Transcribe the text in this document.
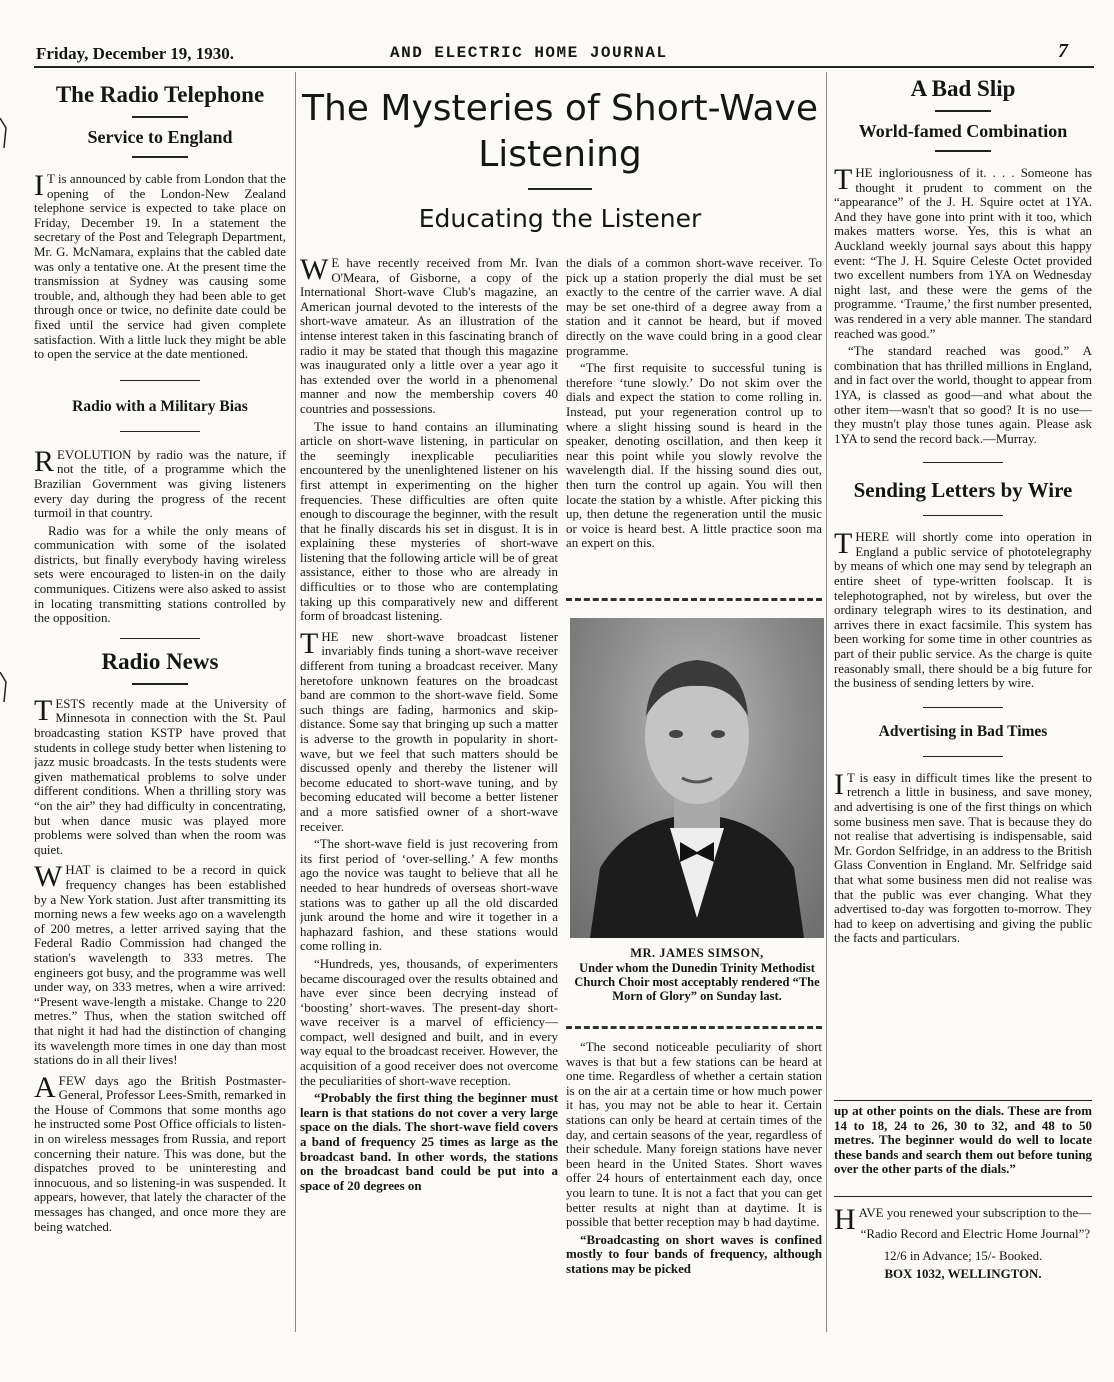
Friday, December 19, 1930.	AND ELECTRIC HOME JOURNAL	7
The Radio Telephone
Service to England

I T is announced by cable from London that the opening of the London-New Zealand telephone service is expected to take place on Friday, December 19. In a statement the secretary of the Post and Telegraph Department, Mr. G. McNamara, explains that the cabled date was only a tentative one. At the present time the transmission at Sydney was causing some trouble, and, although they had been able to get through once or twice, no definite date could be fixed until the service had given complete satisfaction. With a little luck they might be able to open the service at the date mentioned.

Radio with a Military Bias

REVOLUTION by radio was the nature, if not the title, of a programme which the Brazilian Government was giving listeners every day during the progress of the recent turmoil in that country.

Radio was for a while the only means of communication with some of the isolated districts, but finally everybody having wireless sets were encouraged to listen-in on the daily communiques. Citizens were also asked to assist in locating transmitting stations controlled by the opposition.

Radio News

TESTS recently made at the University of Minnesota in connection with the St. Paul broadcasting station KSTP have proved that students in college study better when listening to jazz music broadcasts. In the tests students were given mathematical problems to solve under different conditions. When a thrilling story was “on the air” they had difficulty in concentrating, but when dance music was played more problems were solved than when the room was quiet.

WHAT is claimed to be a record in quick frequency changes has been established by a New York station. Just after transmitting its morning news a few weeks ago on a wavelength of 200 metres, a letter arrived saying that the Federal Radio Commission had changed the station's wavelength to 333 metres. The engineers got busy, and the programme was well under way, on 333 metres, when a wire arrived: “Present wave-length a mistake. Change to 220 metres.” Thus, when the station switched off that night it had had the distinction of changing its wavelength more times in one day than most stations do in all their lives!

AFEW days ago the British Postmaster-General, Professor Lees-Smith, remarked in the House of Commons that some months ago he instructed some Post Office officials to listen-in on wireless messages from Russia, and report concerning their nature. This was done, but the dispatches proved to be uninteresting and innocuous, and so listening-in was suspended. It appears, however, that lately the character of the messages has changed, and once more they are being watched.

The Mysteries of Short-Wave Listening
Educating the Listener

W E have recently received from Mr. Ivan O'Meara, of Gisborne, a copy of the International Short-wave Club's magazine, an American journal devoted to the interests of the short-wave amateur. As an illustration of the intense interest taken in this fascinating branch of radio it may be stated that though this magazine was inaugurated only a little over a year ago it has extended over the world in a phenomenal manner and now the membership covers 40 countries and possessions.

The issue to hand contains an illuminating article on short-wave listening, in particular on the seemingly inexplicable peculiarities encountered by the unenlightened listener on his first attempt in experimenting on the higher frequencies. These difficulties are often quite enough to discourage the beginner, with the result that he finally discards his set in disgust. It is in explaining these mysteries of short-wave listening that the following article will be of great assistance, either to those who are already in difficulties or to those who are contemplating taking up this comparatively new and different form of broadcast listening.

THE new short-wave broadcast listener invariably finds tuning a short-wave receiver different from tuning a broadcast receiver. Many heretofore unknown features on the broadcast band are common to the short-wave field. Some such things are fading, harmonics and skip-distance. Some say that bringing up such a matter is adverse to the growth in popularity in short-wave, but we feel that such matters should be discussed openly and thereby the listener will become educated to short-wave tuning, and by becoming educated will become a better listener and a more satisfied owner of a short-wave receiver.

“The short-wave field is just recovering from its first period of ‘over-selling.’ A few months ago the novice was taught to believe that all he needed to hear hundreds of overseas short-wave stations was to gather up all the old discarded junk around the home and wire it together in a haphazard fashion, and these stations would come rolling in.

“Hundreds, yes, thousands, of experimenters became discouraged over the results obtained and have ever since been decrying instead of ‘boosting’ short-waves. The present-day short-wave receiver is a marvel of efficiency—compact, well designed and built, and in every way equal to the broadcast receiver. However, the acquisition of a good receiver does not overcome the peculiarities of short-wave reception.

“Probably the first thing the beginner must learn is that stations do not cover a very large space on the dials. The short-wave field covers a band of frequency 25 times as large as the broadcast band. In other words, the stations on the broadcast band could be put into a space of 20 degrees on

the dials of a common short-wave receiver. To pick up a station properly the dial must be set exactly to the centre of the carrier wave. A dial may be set one-third of a degree away from a station and it cannot be heard, but if moved directly on the wave could bring in a good clear programme.

“The first requisite to successful tuning is therefore ‘tune slowly.’ Do not skim over the dials and expect the station to come rolling in. Instead, put your regeneration control up to where a slight hissing sound is heard in the speaker, denoting oscillation, and then keep it near this point while you slowly revolve the wavelength dial. If the hissing sound dies out, then turn the control up again. You will then locate the station by a whistle. After picking this up, then detune the regeneration until the music or voice is heard best. A little practice soon ma an expert on this.

MR. JAMES SIMSON,
Under whom the Dunedin Trinity Methodist Church Choir most acceptably rendered “The Morn of Glory” on Sunday last.

“The second noticeable peculiarity of short waves is that but a few stations can be heard at one time. Regardless of whether a certain station is on the air at a certain time or how much power it has, you may not be able to hear it. Certain stations can only be heard at certain times of the day, and certain seasons of the year, regardless of their schedule. Many foreign stations have never been heard in the United States. Short waves offer 24 hours of entertainment each day, once you learn to tune. It is not a fact that you can get better results at night than at daytime. It is possible that better reception may b had daytime.

“Broadcasting on short waves is confined mostly to four bands of frequency, although stations may be picked

A Bad Slip
World-famed Combination

THE ingloriousness of it. . . . Someone has thought it prudent to comment on the “appearance” of the J. H. Squire octet at 1YA. And they have gone into print with it too, which makes matters worse. Yes, this is what an Auckland weekly journal says about this happy event: “The J. H. Squire Celeste Octet provided two excellent numbers from 1YA on Wednesday night last, and these were the gems of the programme. ‘Traume,’ the first number presented, was rendered in a very able manner. The standard reached was good.”

“The standard reached was good.” A combination that has thrilled millions in England, and in fact over the world, thought to appear from 1YA, is classed as good—and what about the other item—wasn't that so good? It is no use—they mustn't play those tunes again. Please ask 1YA to send the record back.—Murray.

Sending Letters by Wire

THERE will shortly come into operation in England a public service of phototelegraphy by means of which one may send by telegraph an entire sheet of type-written foolscap. It is telephotographed, not by wireless, but over the ordinary telegraph wires to its destination, and arrives there in exact facsimile. This system has been working for some time in other countries as part of their public service. As the charge is quite reasonably small, there should be a big future for the business of sending letters by wire.

Advertising in Bad Times

I T is easy in difficult times like the present to retrench a little in business, and save money, and advertising is one of the first things on which some business men save. That is because they do not realise that advertising is indispensable, said Mr. Gordon Selfridge, in an address to the British Glass Convention in England. Mr. Selfridge said that what some business men did not realise was that the public was ever changing. What they advertised to-day was forgotten to-morrow. They had to keep on advertising and giving the public the facts and particulars.

up at other points on the dials. These are from 14 to 18, 24 to 26, 30 to 32, and 48 to 50 metres. The beginner would do well to locate these bands and search them out before tuning over the other parts of the dials.”

HAVE you renewed your subscription to the—

“Radio Record and Electric Home Journal”?

12/6 in Advance; 15/- Booked.

BOX 1032, WELLINGTON.
